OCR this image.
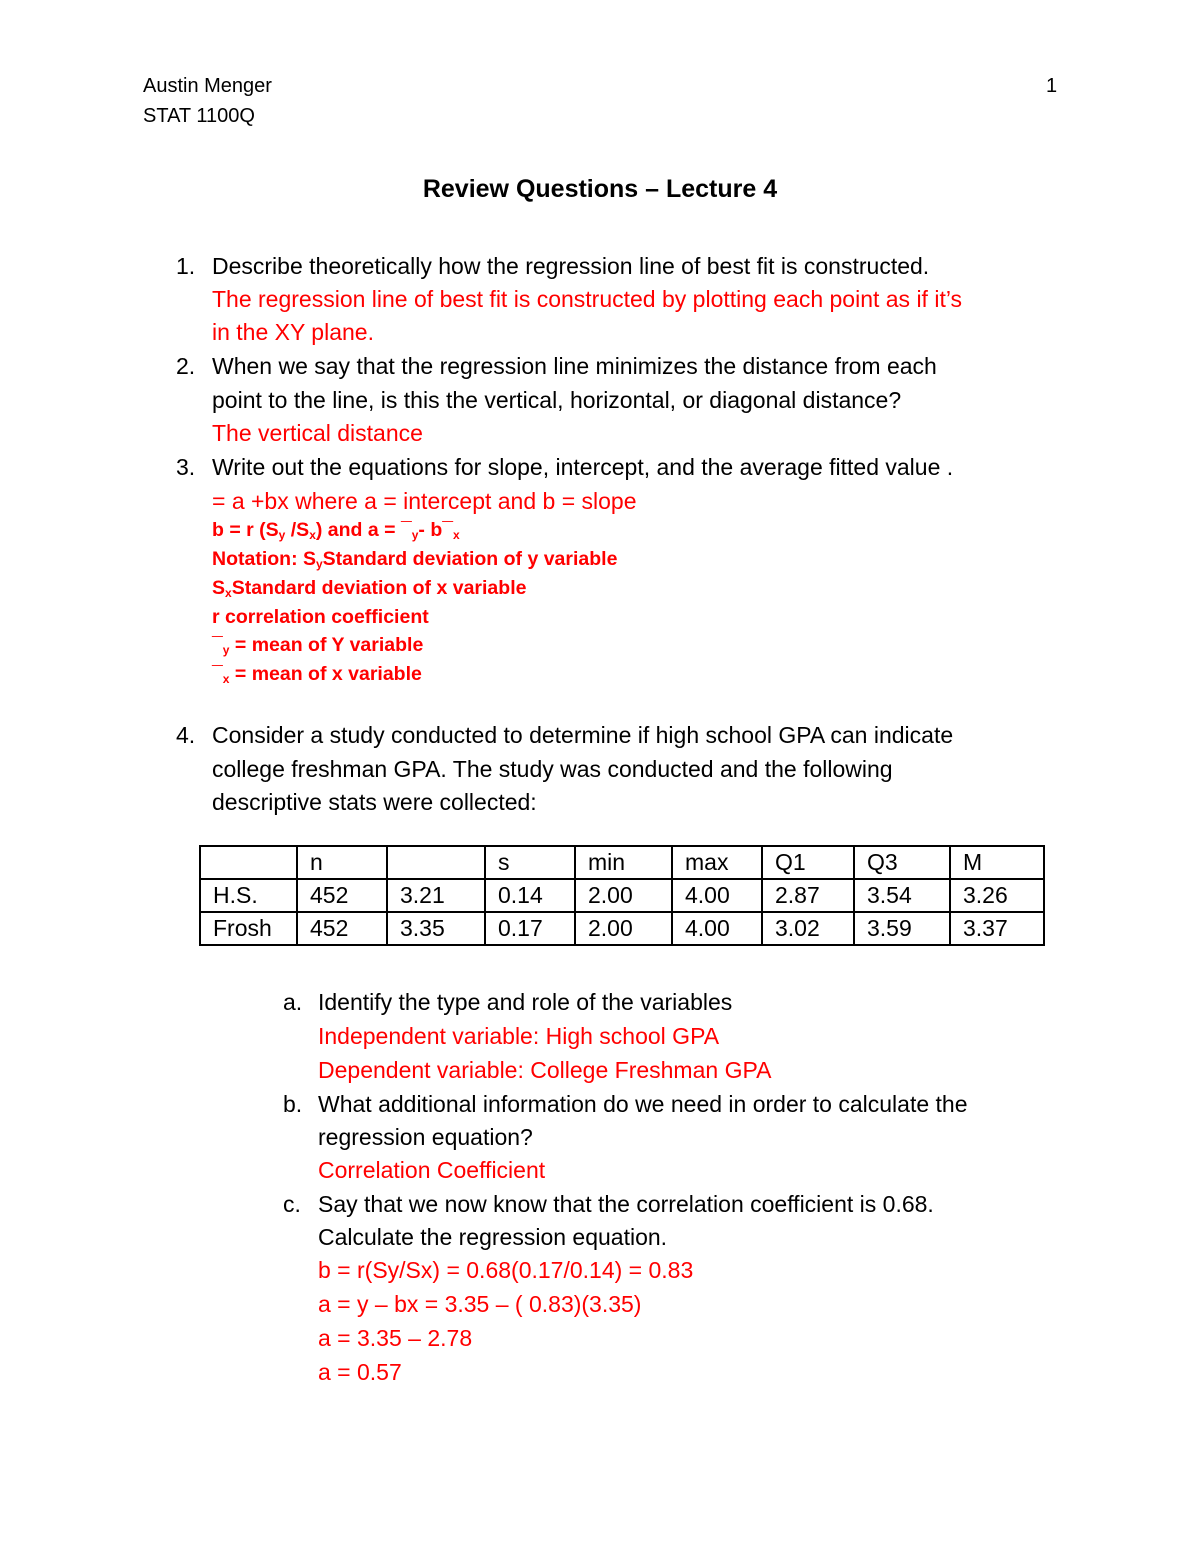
Austin Menger
STAT 1100Q
1
Review Questions – Lecture 4
1. Describe theoretically how the regression line of best fit is constructed.
The regression line of best fit is constructed by plotting each point as if it’s
in the XY plane.
2. When we say that the regression line minimizes the distance from each
point to the line, is this the vertical, horizontal, or diagonal distance?
The vertical distance
3. Write out the equations for slope, intercept, and the average fitted value .
= a +bx where a = intercept and b = slope
b = r ($S_y$ $/S_x$) and $a = ¯_y-$ $b¯_x$
Notation: $S_yStandard$ deviation of y variable
$S_xStandard$ deviation of x variable
r correlation coefficient
$¯_y$ = mean of Y variable
$¯_x$ = mean of x variable
4. Consider a study conducted to determine if high school GPA can indicate
college freshman GPA. The study was conducted and the following
descriptive stats were collected:
	n		s	min	max	Q1	Q3	M
H.S.	452	3.21	0.14	2.00	4.00	2.87	3.54	3.26
Frosh	452	3.35	0.17	2.00	4.00	3.02	3.59	3.37
a. Identify the type and role of the variables
Independent variable: High school GPA
Dependent variable: College Freshman GPA
b. What additional information do we need in order to calculate the
regression equation?
Correlation Coefficient
c. Say that we now know that the correlation coefficient is 0.68.
Calculate the regression equation.
b = r(Sy/Sx) = 0.68(0.17/0.14) = 0.83
a = y – bx = 3.35 – ( 0.83)(3.35)
a = 3.35 – 2.78
a = 0.57
